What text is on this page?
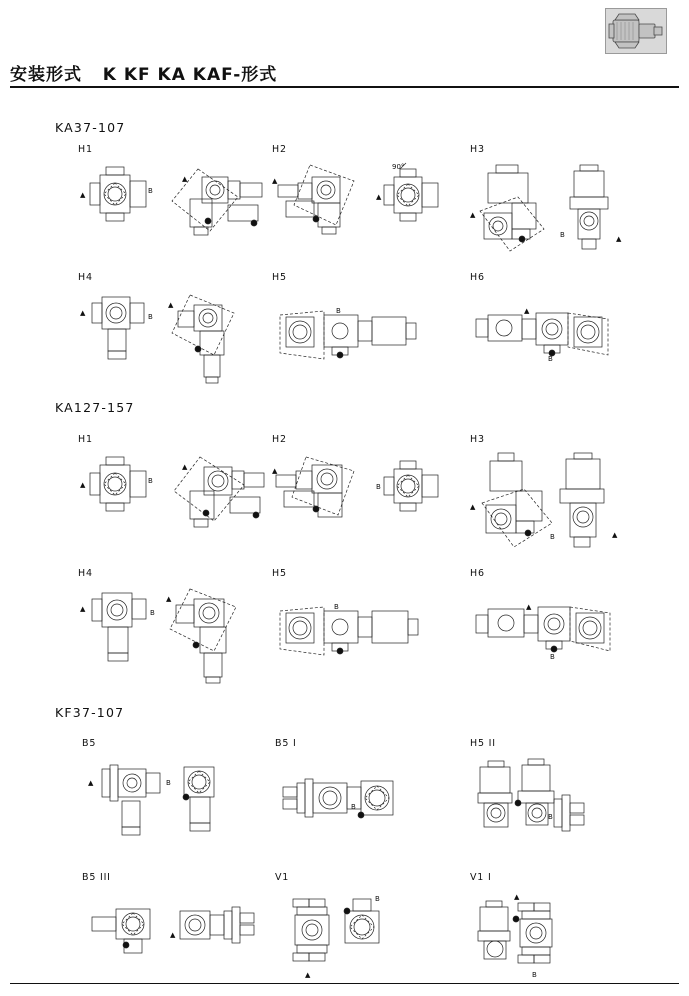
安装形式   K KF KA KAF-形式
KA37-107
H1
▲	B
▲
H2
▲
▲
90°
H3
▲
B	▲
H4
▲	B
▲
H5
B
H6
▲
B
KA127-157
H1
▲	B
▲
H2
▲
B
H3
▲
B	▲
H4
▲	B
▲
H5
B
H6
▲
B
KF37-107
B5
▲	B
B5 I
B
H5 II
B
B5 III
▲
V1
B
▲
V1 I
▲
B
